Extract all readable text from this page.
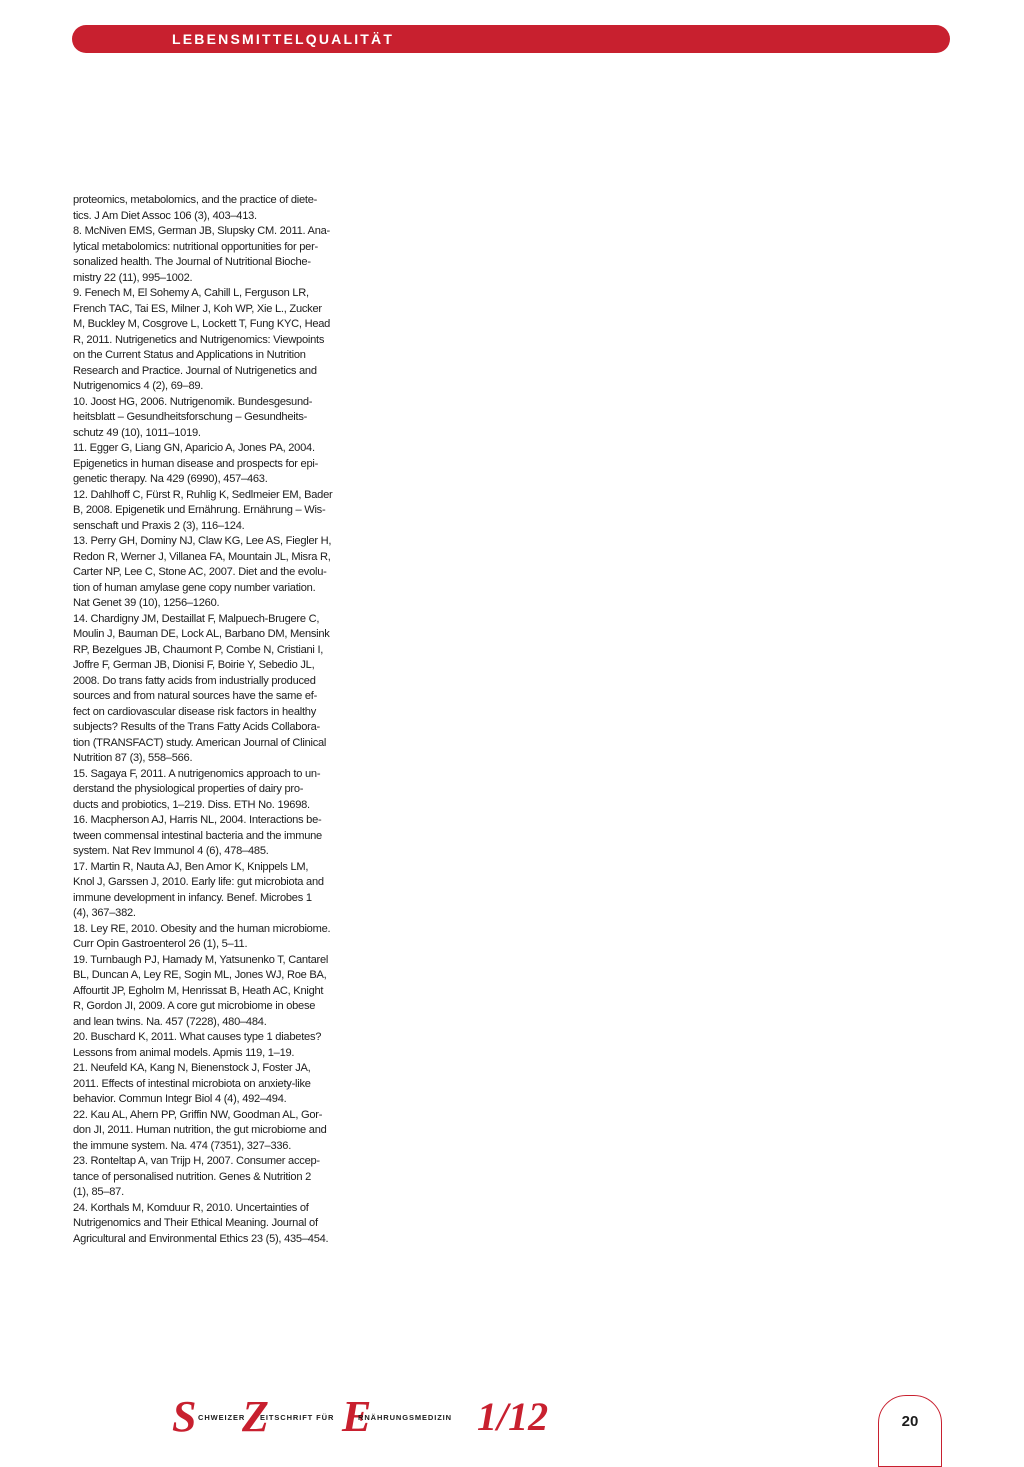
LEBENSMITTELQUALITÄT
proteomics, metabolomics, and the practice of diete-
tics. J Am Diet Assoc 106 (3), 403–413.
8. McNiven EMS, German JB, Slupsky CM. 2011. Ana-
lytical metabolomics: nutritional opportunities for per-
sonalized health. The Journal of Nutritional Bioche-
mistry 22 (11), 995–1002.
9. Fenech M, El Sohemy A, Cahill L, Ferguson LR,
French TAC, Tai ES, Milner J, Koh WP, Xie L., Zucker
M, Buckley M, Cosgrove L, Lockett T, Fung KYC, Head
R, 2011. Nutrigenetics and Nutrigenomics: Viewpoints
on the Current Status and Applications in Nutrition
Research and Practice. Journal of Nutrigenetics and
Nutrigenomics 4 (2), 69–89.
10. Joost HG, 2006. Nutrigenomik. Bundesgesund-
heitsblatt – Gesundheitsforschung – Gesundheits-
schutz 49 (10), 1011–1019.
11. Egger G, Liang GN, Aparicio A, Jones PA, 2004.
Epigenetics in human disease and prospects for epi-
genetic therapy. Na 429 (6990), 457–463.
12. Dahlhoff C, Fürst R, Ruhlig K, Sedlmeier EM, Bader
B, 2008. Epigenetik und Ernährung. Ernährung – Wis-
senschaft und Praxis 2 (3), 116–124.
13. Perry GH, Dominy NJ, Claw KG, Lee AS, Fiegler H,
Redon R, Werner J, Villanea FA, Mountain JL, Misra R,
Carter NP, Lee C, Stone AC, 2007. Diet and the evolu-
tion of human amylase gene copy number variation.
Nat Genet 39 (10), 1256–1260.
14. Chardigny JM, Destaillat F, Malpuech-Brugere C,
Moulin J, Bauman DE, Lock AL, Barbano DM, Mensink
RP, Bezelgues JB, Chaumont P, Combe N, Cristiani I,
Joffre F, German JB, Dionisi F, Boirie Y, Sebedio JL,
2008. Do trans fatty acids from industrially produced
sources and from natural sources have the same ef-
fect on cardiovascular disease risk factors in healthy
subjects? Results of the Trans Fatty Acids Collabora-
tion (TRANSFACT) study. American Journal of Clinical
Nutrition 87 (3), 558–566.
15. Sagaya F, 2011. A nutrigenomics approach to un-
derstand the physiological properties of dairy pro-
ducts and probiotics, 1–219. Diss. ETH No. 19698.
16. Macpherson AJ, Harris NL, 2004. Interactions be-
tween commensal intestinal bacteria and the immune
system. Nat Rev Immunol 4 (6), 478–485.
17. Martin R, Nauta AJ, Ben Amor K, Knippels LM,
Knol J, Garssen J, 2010. Early life: gut microbiota and
immune development in infancy. Benef. Microbes 1
(4), 367–382.
18. Ley RE, 2010. Obesity and the human microbiome.
Curr Opin Gastroenterol 26 (1), 5–11.
19. Turnbaugh PJ, Hamady M, Yatsunenko T, Cantarel
BL, Duncan A, Ley RE, Sogin ML, Jones WJ, Roe BA,
Affourtit JP, Egholm M, Henrissat B, Heath AC, Knight
R, Gordon JI, 2009. A core gut microbiome in obese
and lean twins. Na. 457 (7228), 480–484.
20. Buschard K, 2011. What causes type 1 diabetes?
Lessons from animal models. Apmis 119, 1–19.
21. Neufeld KA, Kang N, Bienenstock J, Foster JA,
2011. Effects of intestinal microbiota on anxiety-like
behavior. Commun Integr Biol 4 (4), 492–494.
22. Kau AL, Ahern PP, Griffin NW, Goodman AL, Gor-
don JI, 2011. Human nutrition, the gut microbiome and
the immune system. Na. 474 (7351), 327–336.
23. Ronteltap A, van Trijp H, 2007. Consumer accep-
tance of personalised nutrition. Genes & Nutrition 2
(1), 85–87.
24. Korthals M, Komduur R, 2010. Uncertainties of
Nutrigenomics and Their Ethical Meaning. Journal of
Agricultural and Environmental Ethics 23 (5), 435–454.
S CHWEIZER
Z
EITSCHRIFT FÜR E
RNÄHRUNGSMEDIZIN 1/12	20
